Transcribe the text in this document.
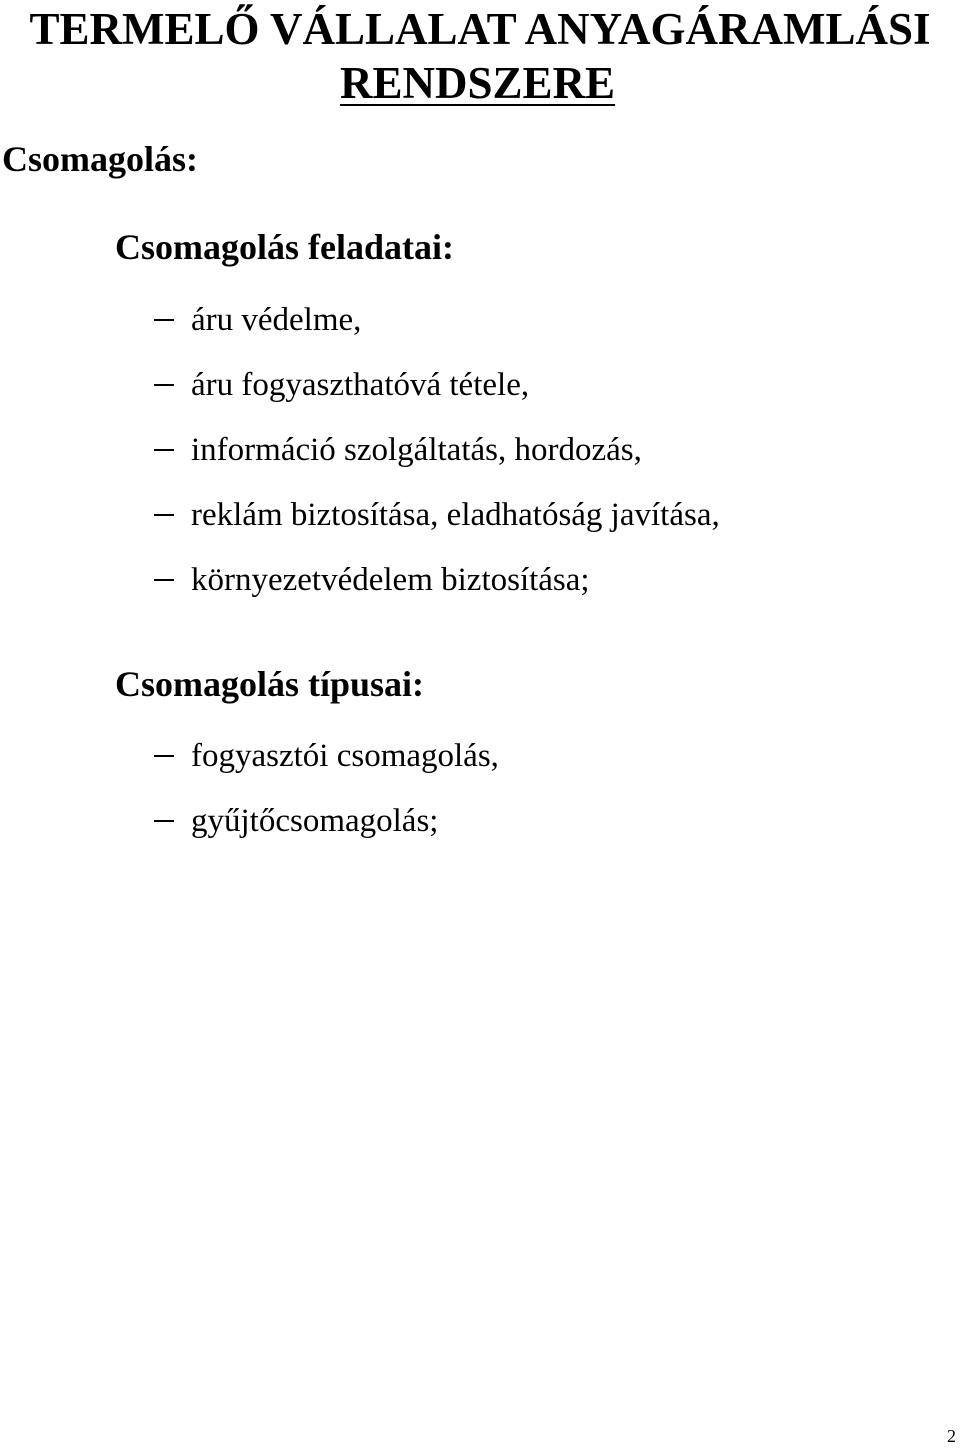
TERMELŐ VÁLLALAT ANYAGÁRAMLÁSI
RENDSZERE
Csomagolás:
Csomagolás feladatai:
áru védelme,
áru fogyaszthatóvá tétele,
információ szolgáltatás, hordozás,
reklám biztosítása, eladhatóság javítása,
környezetvédelem biztosítása;
Csomagolás típusai:
fogyasztói csomagolás,
gyűjtőcsomagolás;
2
